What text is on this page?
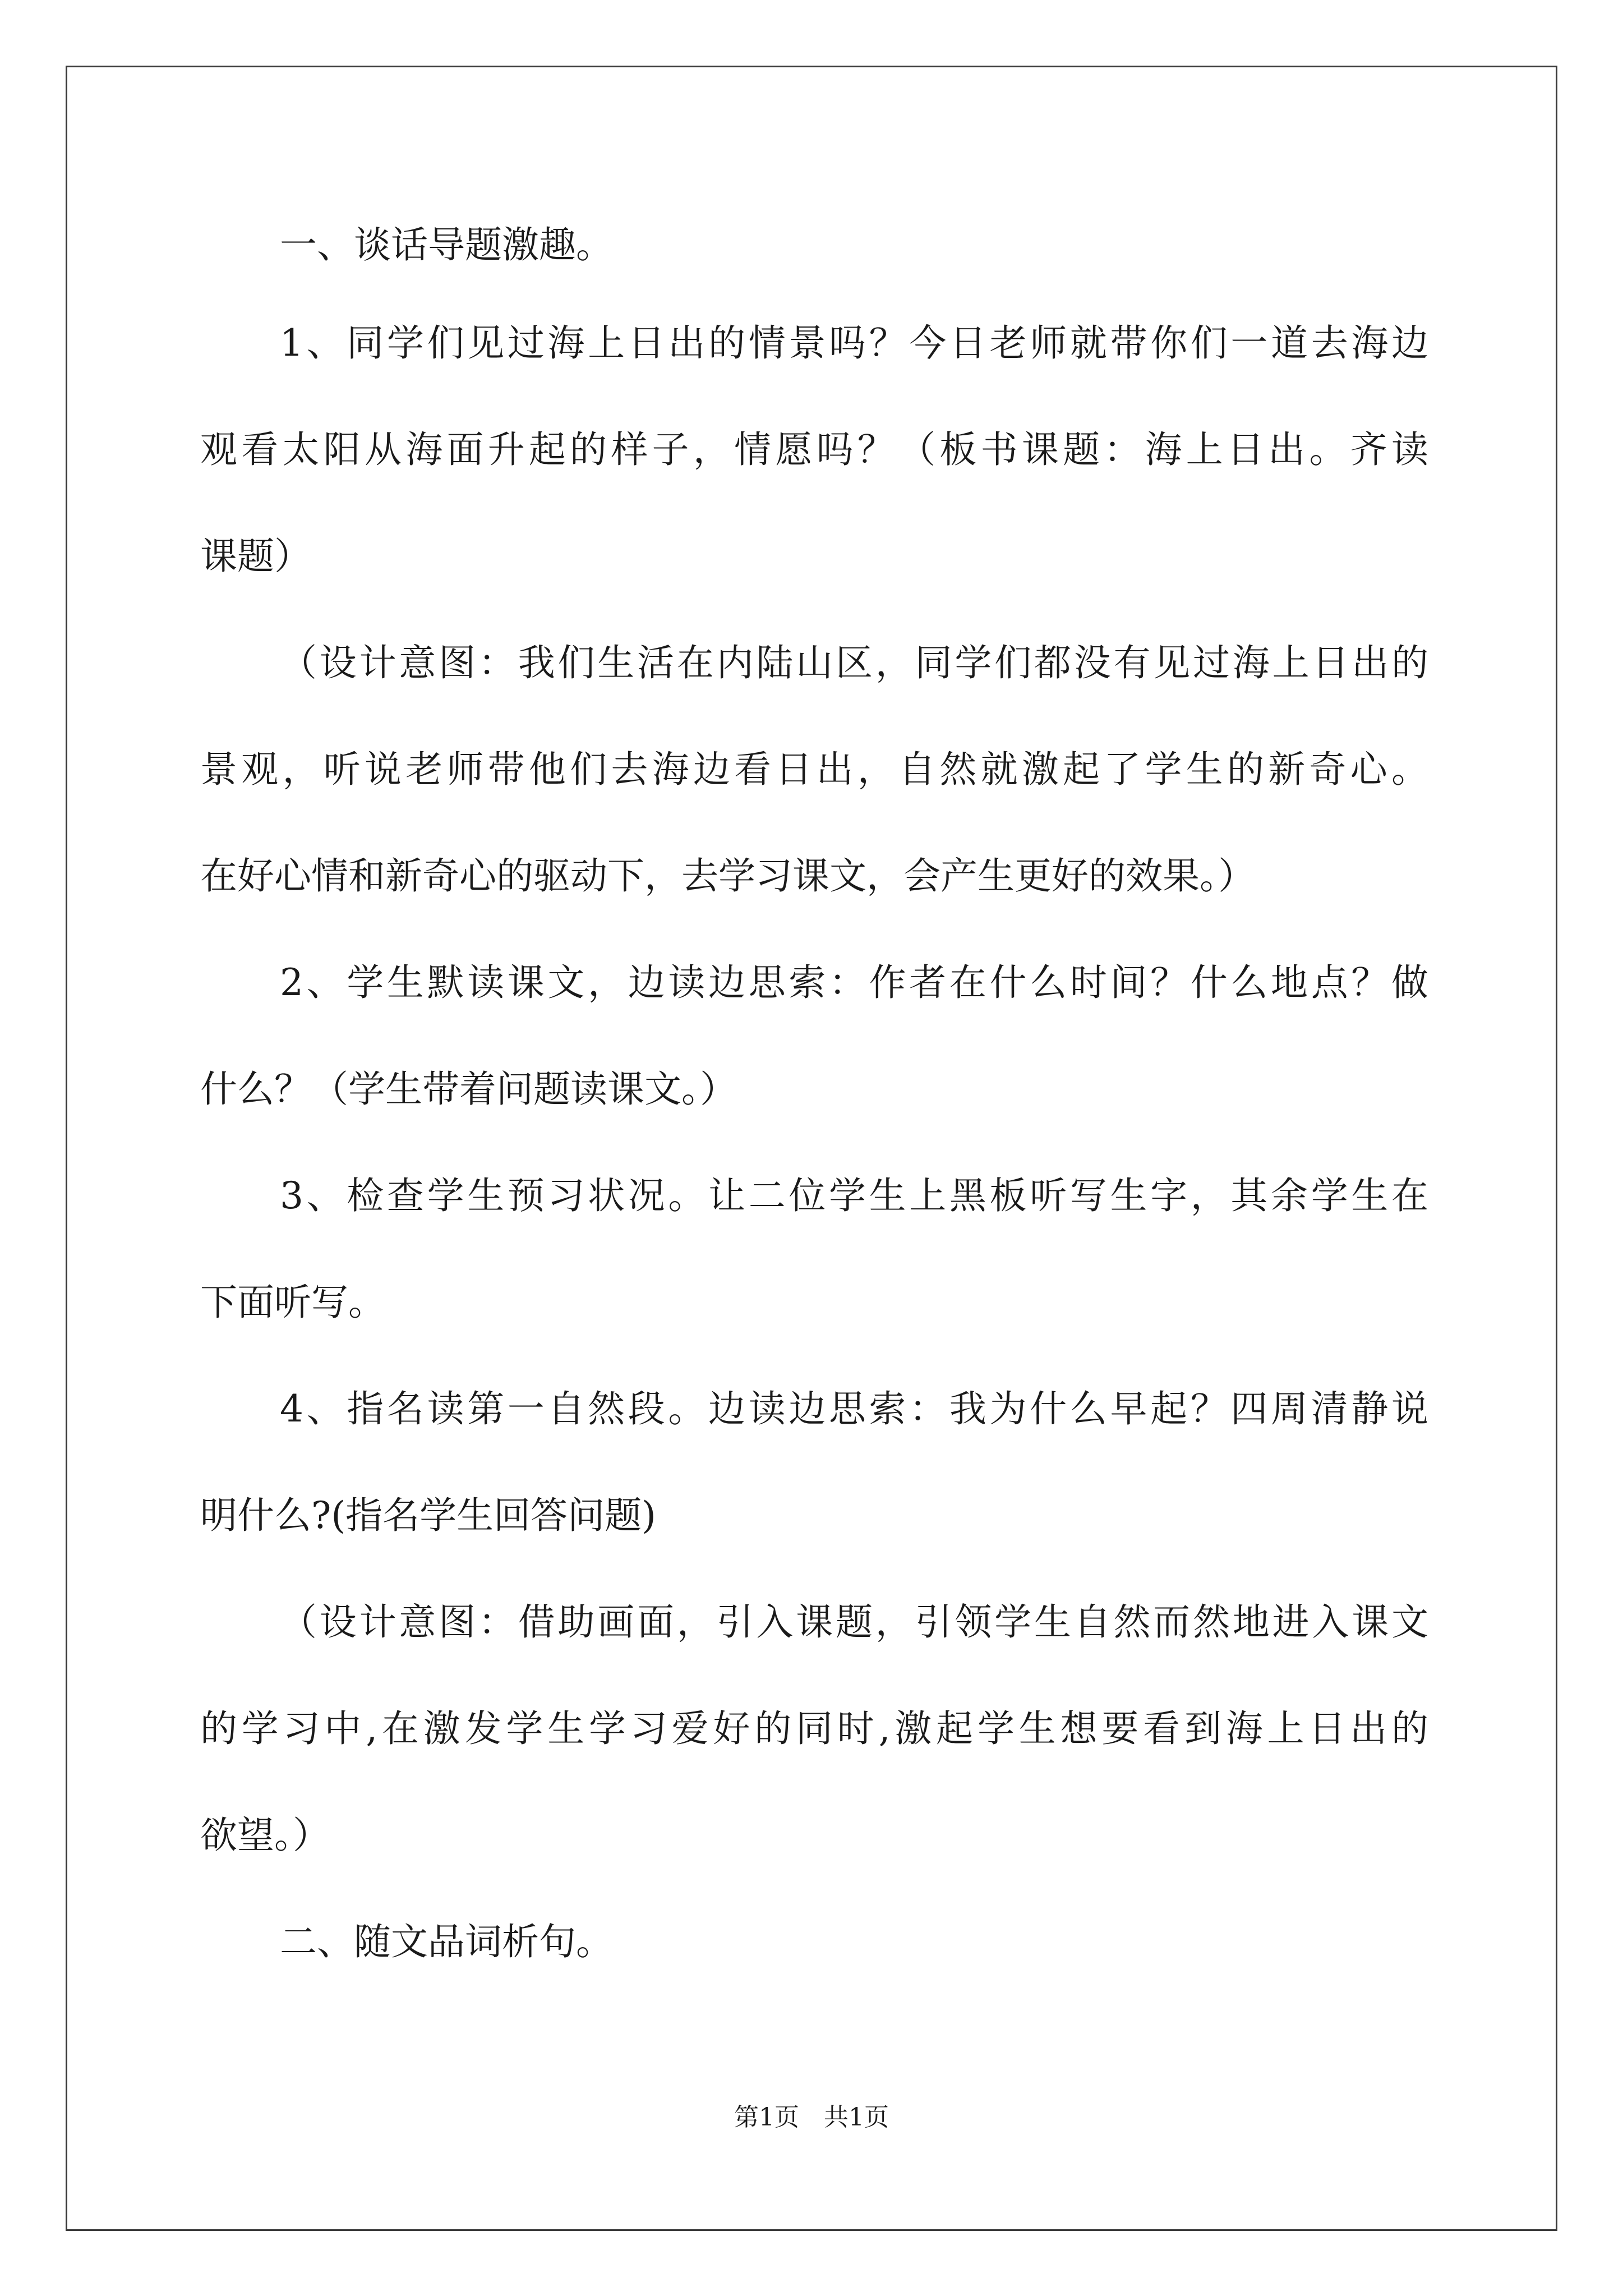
一、谈话导题激趣。
1、同学们见过海上日出的情景吗？今日老师就带你们一道去海边
观看太阳从海面升起的样子，情愿吗？（板书课题：海上日出。齐读
课题）
（设计意图：我们生活在内陆山区，同学们都没有见过海上日出的
景观，听说老师带他们去海边看日出，自然就激起了学生的新奇心。
在好心情和新奇心的驱动下，去学习课文，会产生更好的效果。）
2、学生默读课文，边读边思索：作者在什么时间？什么地点？做
什么？（学生带着问题读课文。）
3、检查学生预习状况。让二位学生上黑板听写生字，其余学生在
下面听写。
4、指名读第一自然段。边读边思索：我为什么早起？四周清静说
明什么?(指名学生回答问题)
（设计意图：借助画面，引入课题，引领学生自然而然地进入课文
的学习中,在激发学生学习爱好的同时,激起学生想要看到海上日出的
欲望。）
二、随文品词析句。
第1页　共1页
